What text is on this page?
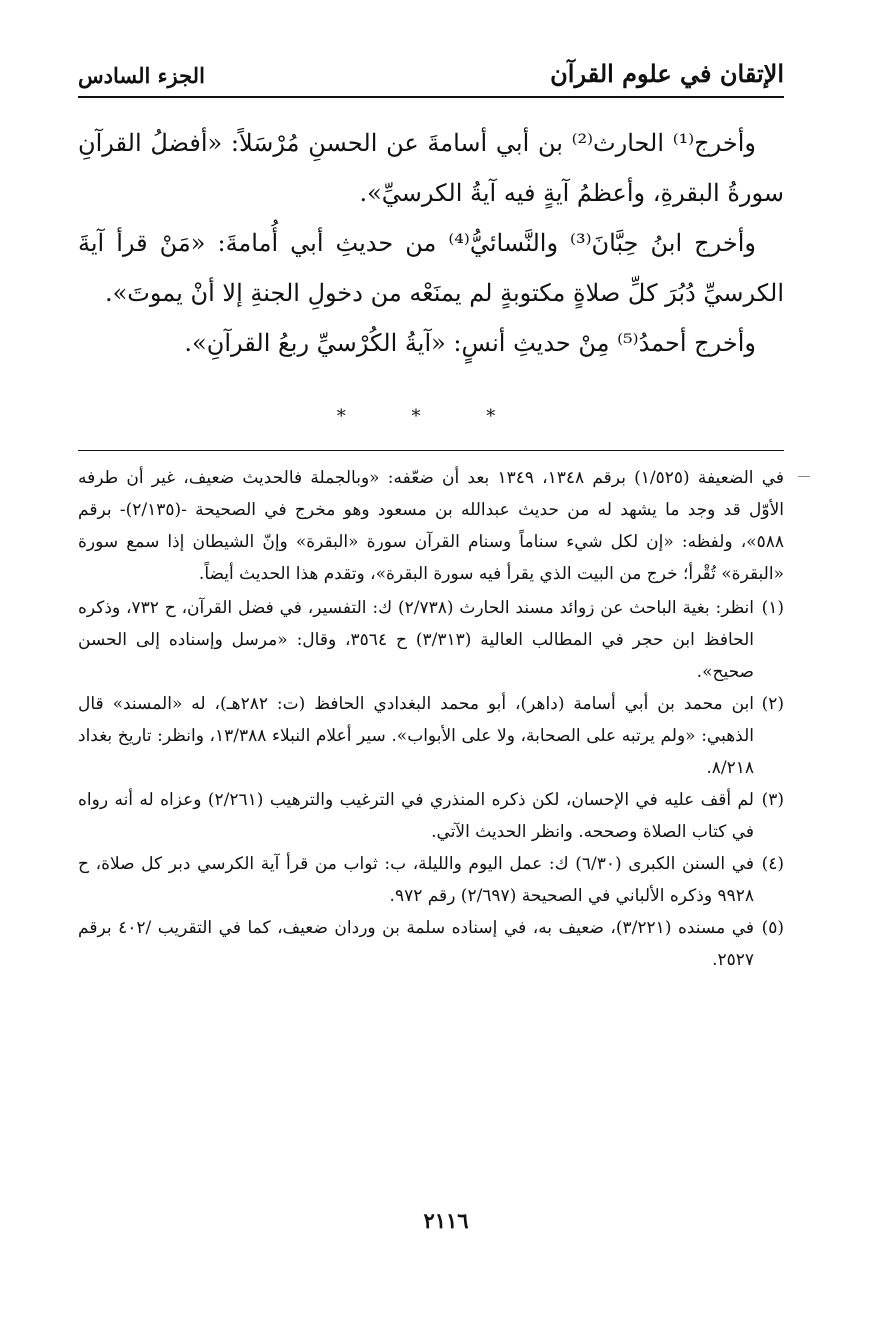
الإتقان في علوم القرآن
الجزء السادس

وأخرج⁽¹⁾ الحارث⁽²⁾ بن أبي أسامةَ عن الحسنِ مُرْسَلاً: «أفضلُ القرآنِ سورةُ البقرةِ، وأعظمُ آيةٍ فيه آيةُ الكرسيِّ».

وأخرج ابنُ حِبَّانَ⁽³⁾ والنَّسائيُّ⁽⁴⁾ من حديثِ أبي أُمامةَ: «مَنْ قرأ آيةَ الكرسيِّ دُبُرَ كلِّ صلاةٍ مكتوبةٍ لم يمنَعْه من دخولِ الجنةِ إلا أنْ يموتَ».

وأخرج أحمدُ⁽⁵⁾ مِنْ حديثِ أنسٍ: «آيةُ الكُرْسيِّ ربعُ القرآنِ».

* * *

في الضعيفة (١/٥٢٥) برقم ١٣٤٨، ١٣٤٩ بعد أن ضعّفه: «وبالجملة فالحديث ضعيف، غير أن طرفه الأوّل قد وجد ما يشهد له من حديث عبدالله بن مسعود وهو مخرج في الصحيحة -(٢/١٣٥)- برقم ٥٨٨»، ولفظه: «إن لكل شيء سناماً وسنام القرآن سورة «البقرة» وإنّ الشيطان إذا سمع سورة «البقرة» تُقْرأ؛ خرج من البيت الذي يقرأ فيه سورة البقرة»، وتقدم هذا الحديث أيضاً.

(١)
انظر: بغية الباحث عن زوائد مسند الحارث (٢/٧٣٨) ك: التفسير، في فضل القرآن، ح ٧٣٢، وذكره الحافظ ابن حجر في المطالب العالية (٣/٣١٣) ح ٣٥٦٤، وقال: «مرسل وإسناده إلى الحسن صحيح».

(٢)
ابن محمد بن أبي أسامة (داهر)، أبو محمد البغدادي الحافظ (ت: ٢٨٢هـ)، له «المسند» قال الذهبي: «ولم يرتبه على الصحابة، ولا على الأبواب». سير أعلام النبلاء ١٣/٣٨٨، وانظر: تاريخ بغداد ٨/٢١٨.

(٣)
لم أقف عليه في الإحسان، لكن ذكره المنذري في الترغيب والترهيب (٢/٢٦١) وعزاه له أنه رواه في كتاب الصلاة وصححه. وانظر الحديث الآتي.

(٤)
في السنن الكبرى (٦/٣٠) ك: عمل اليوم والليلة، ب: ثواب من قرأ آية الكرسي دبر كل صلاة، ح ٩٩٢٨ وذكره الألباني في الصحيحة (٢/٦٩٧) رقم ٩٧٢.

(٥)
في مسنده (٣/٢٢١)، ضعيف به، في إسناده سلمة بن وردان ضعيف، كما في التقريب /٤٠٢ برقم ٢٥٢٧.

٢١١٦
